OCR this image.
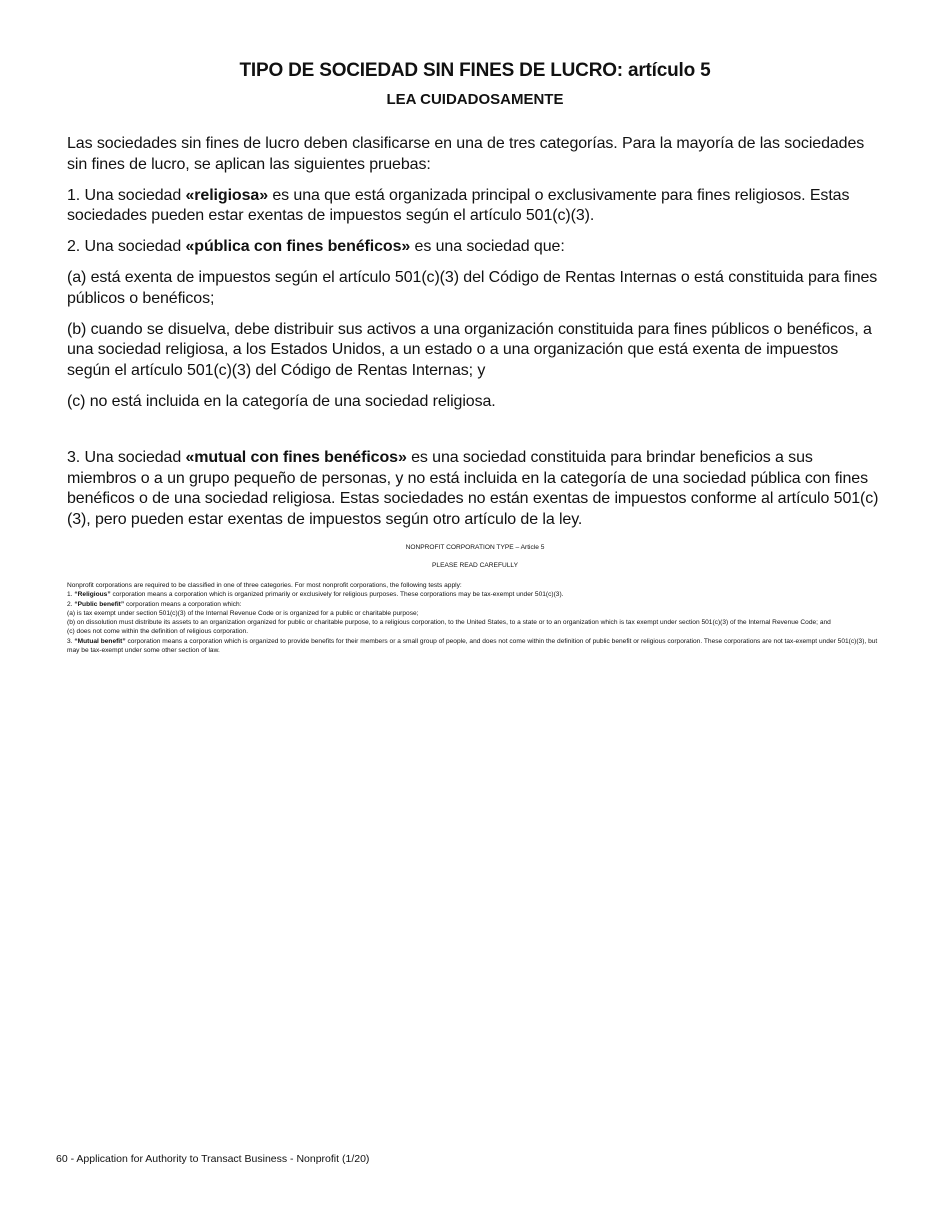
TIPO DE SOCIEDAD SIN FINES DE LUCRO: artículo 5
LEA CUIDADOSAMENTE

Las sociedades sin fines de lucro deben clasificarse en una de tres categorías. Para la mayoría de las sociedades sin fines de lucro, se aplican las siguientes pruebas:

1. Una sociedad «religiosa» es una que está organizada principal o exclusivamente para fines religiosos. Estas sociedades pueden estar exentas de impuestos según el artículo 501(c)(3).

2. Una sociedad «pública con fines benéficos» es una sociedad que:

(a) está exenta de impuestos según el artículo 501(c)(3) del Código de Rentas Internas o está constituida para fines públicos o benéficos;

(b) cuando se disuelva, debe distribuir sus activos a una organización constituida para fines públicos o benéficos, a una sociedad religiosa, a los Estados Unidos, a un estado o a una organización que está exenta de impuestos según el artículo 501(c)(3) del Código de Rentas Internas; y

(c) no está incluida en la categoría de una sociedad religiosa.

3. Una sociedad «mutual con fines benéficos» es una sociedad constituida para brindar beneficios a sus miembros o a un grupo pequeño de personas, y no está incluida en la categoría de una sociedad pública con fines benéficos o de una sociedad religiosa. Estas sociedades no están exentas de impuestos conforme al artículo 501(c)(3), pero pueden estar exentas de impuestos según otro artículo de la ley.

NONPROFIT CORPORATION TYPE – Article 5
PLEASE READ CAREFULLY

Nonprofit corporations are required to be classified in one of three categories. For most nonprofit corporations, the following tests apply:

1. “Religious” corporation means a corporation which is organized primarily or exclusively for religious purposes. These corporations may be tax-exempt under 501(c)(3).

2. “Public benefit” corporation means a corporation which:

(a) is tax exempt under section 501(c)(3) of the Internal Revenue Code or is organized for a public or charitable purpose;

(b) on dissolution must distribute its assets to an organization organized for public or charitable purpose, to a religious corporation, to the United States, to a state or to an organization which is tax exempt under section 501(c)(3) of the Internal Revenue Code; and

(c) does not come within the definition of religious corporation.

3. “Mutual benefit” corporation means a corporation which is organized to provide benefits for their members or a small group of people, and does not come within the definition of public benefit or religious corporation. These corporations are not tax-exempt under 501(c)(3), but may be tax-exempt under some other section of law.

60 - Application for Authority to Transact Business - Nonprofit (1/20)
